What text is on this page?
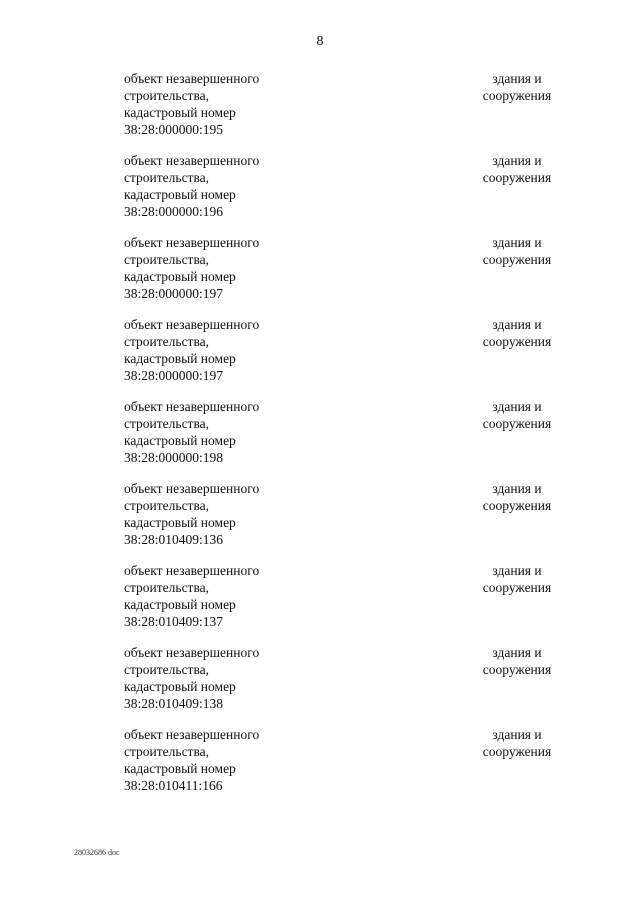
8
объект незавершенного
строительства,
кадастровый номер
38:28:000000:195
здания и
сооружения
объект незавершенного
строительства,
кадастровый номер
38:28:000000:196
здания и
сооружения
объект незавершенного
строительства,
кадастровый номер
38:28:000000:197
здания и
сооружения
объект незавершенного
строительства,
кадастровый номер
38:28:000000:197
здания и
сооружения
объект незавершенного
строительства,
кадастровый номер
38:28:000000:198
здания и
сооружения
объект незавершенного
строительства,
кадастровый номер
38:28:010409:136
здания и
сооружения
объект незавершенного
строительства,
кадастровый номер
38:28:010409:137
здания и
сооружения
объект незавершенного
строительства,
кадастровый номер
38:28:010409:138
здания и
сооружения
объект незавершенного
строительства,
кадастровый номер
38:28:010411:166
здания и
сооружения
28032686 doc
